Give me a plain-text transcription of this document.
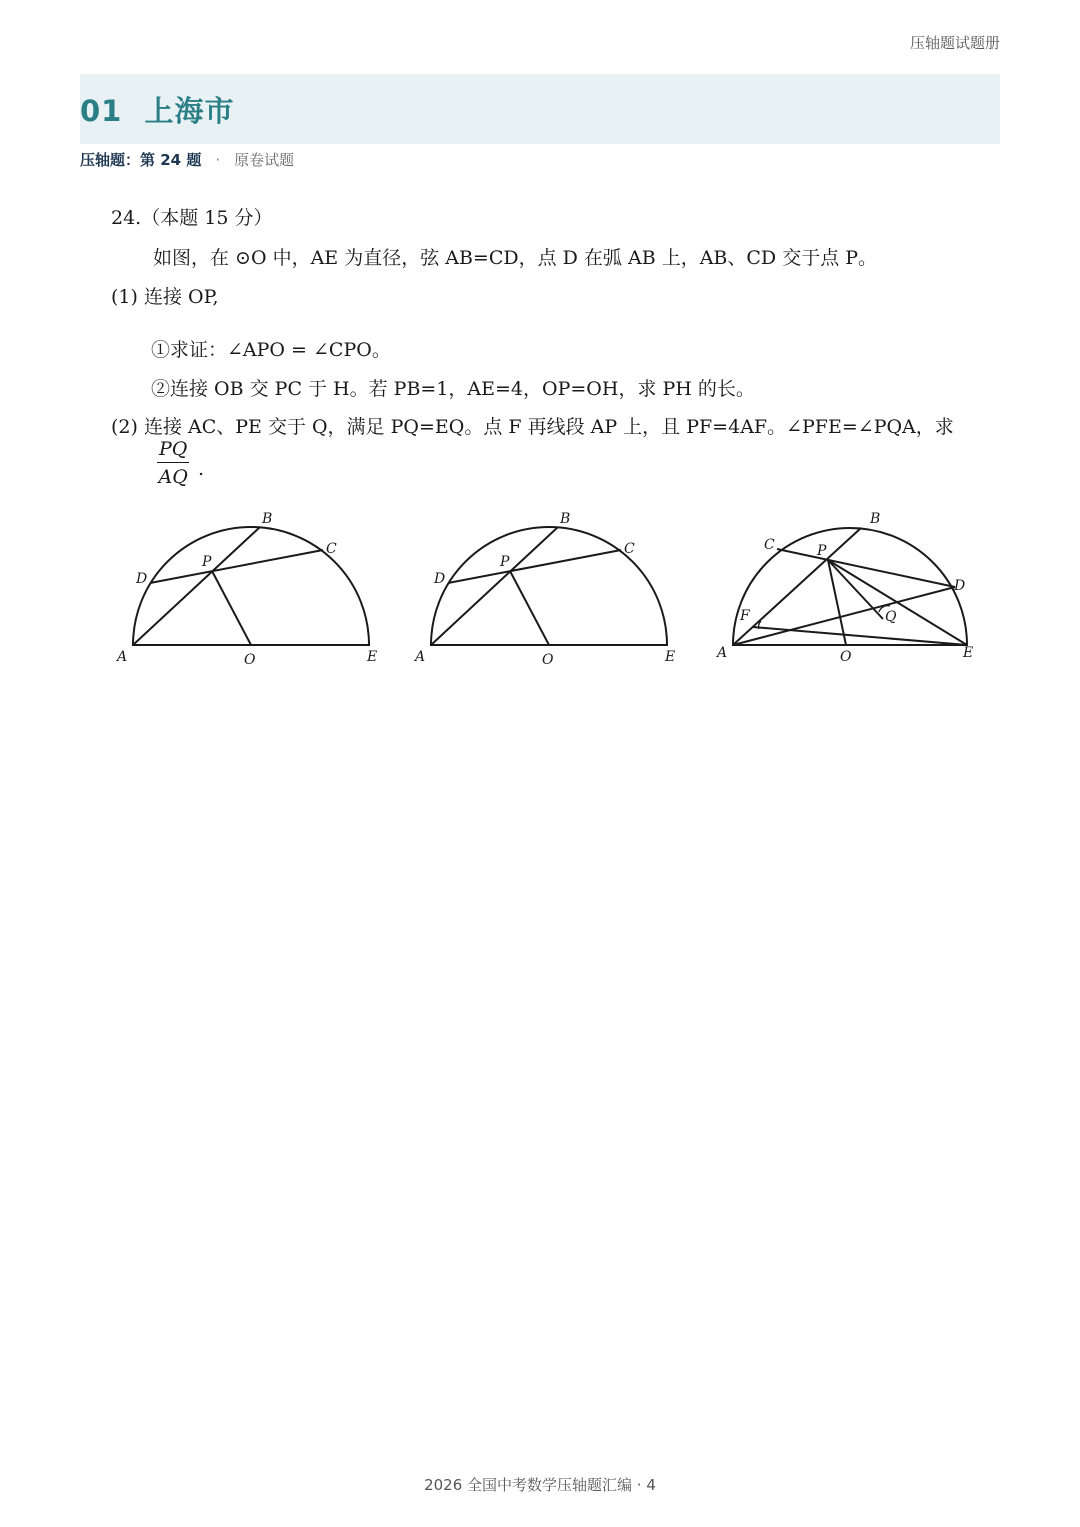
压轴题试题册
01  上海市
压轴题：第 24 题 · 原卷试题
24.（本题 15 分）
如图，在 ⊙O 中，AE 为直径，弦 AB=CD，点 D 在弧 AB 上，AB、CD 交于点 P。
(1) 连接 OP,
①求证：∠APO = ∠CPO。
②连接 OB 交 PC 于 H。若 PB=1，AE=4，OP=OH，求 PH 的长。
(2) 连接 AC、PE 交于 Q，满足 PQ=EQ。点 F 再线段 AP 上，且 PF=4AF。∠PFE=∠PQA，求
$\frac{PQ}{AQ}$ .
B
C
D
P
A	O	E
B
C
D
P
A	O	E
B
C	P
D
F	Q
A	O	E
2026 全国中考数学压轴题汇编 · 4
